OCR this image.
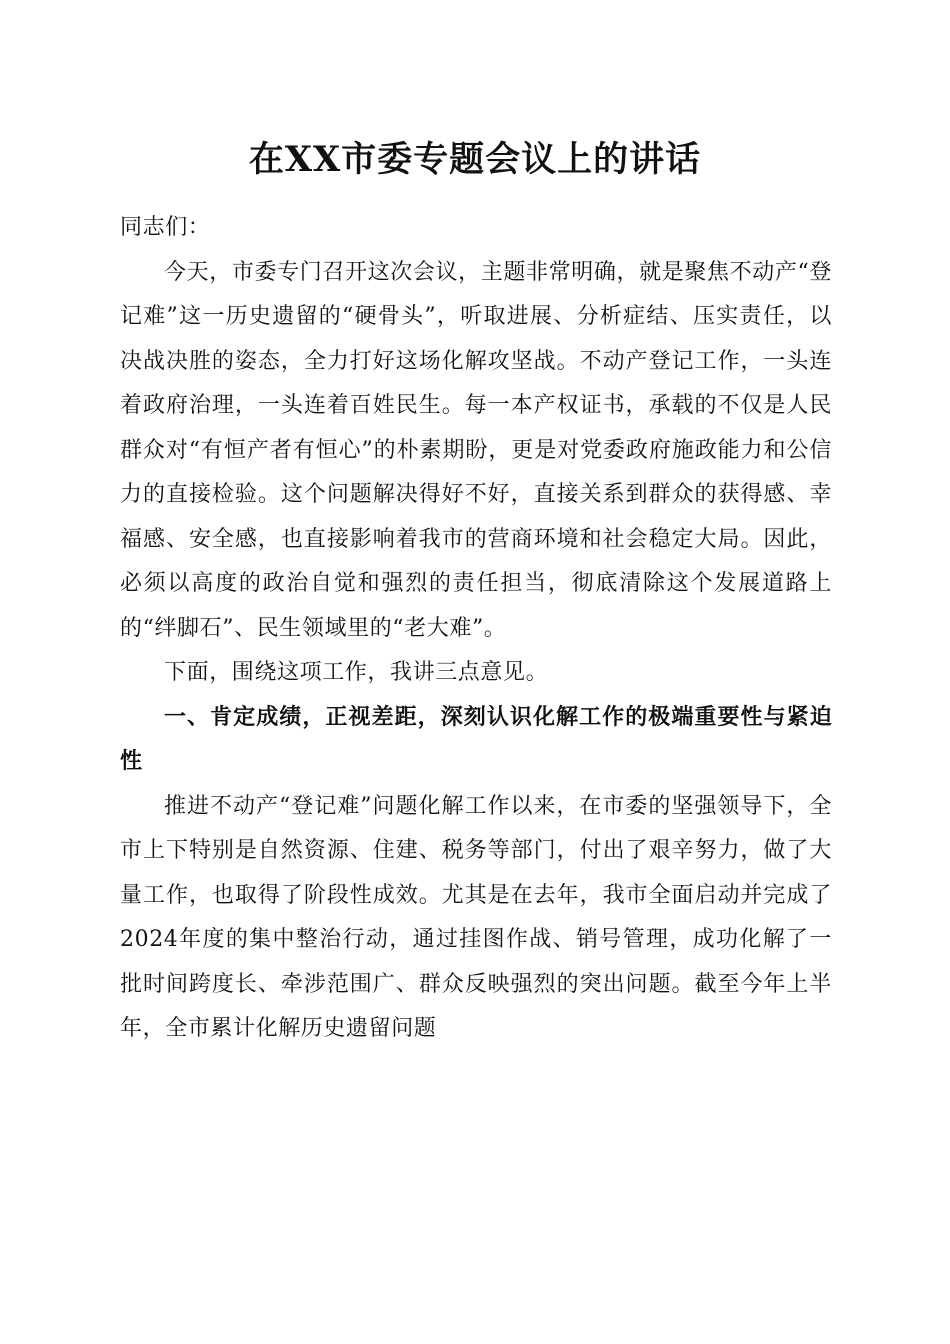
在XX市委专题会议上的讲话

同志们：

今天，市委专门召开这次会议，主题非常明确，就是聚焦不动产“登记难”这一历史遗留的“硬骨头”，听取进展、分析症结、压实责任，以决战决胜的姿态，全力打好这场化解攻坚战。不动产登记工作，一头连着政府治理，一头连着百姓民生。每一本产权证书，承载的不仅是人民群众对“有恒产者有恒心”的朴素期盼，更是对党委政府施政能力和公信力的直接检验。这个问题解决得好不好，直接关系到群众的获得感、幸福感、安全感，也直接影响着我市的营商环境和社会稳定大局。因此，必须以高度的政治自觉和强烈的责任担当，彻底清除这个发展道路上的“绊脚石”、民生领域里的“老大难”。

下面，围绕这项工作，我讲三点意见。

一、肯定成绩，正视差距，深刻认识化解工作的极端重要性与紧迫性

推进不动产“登记难”问题化解工作以来，在市委的坚强领导下，全市上下特别是自然资源、住建、税务等部门，付出了艰辛努力，做了大量工作，也取得了阶段性成效。尤其是在去年，我市全面启动并完成了2024年度的集中整治行动，通过挂图作战、销号管理，成功化解了一批时间跨度长、牵涉范围广、群众反映强烈的突出问题。截至今年上半年，全市累计化解历史遗留问题
